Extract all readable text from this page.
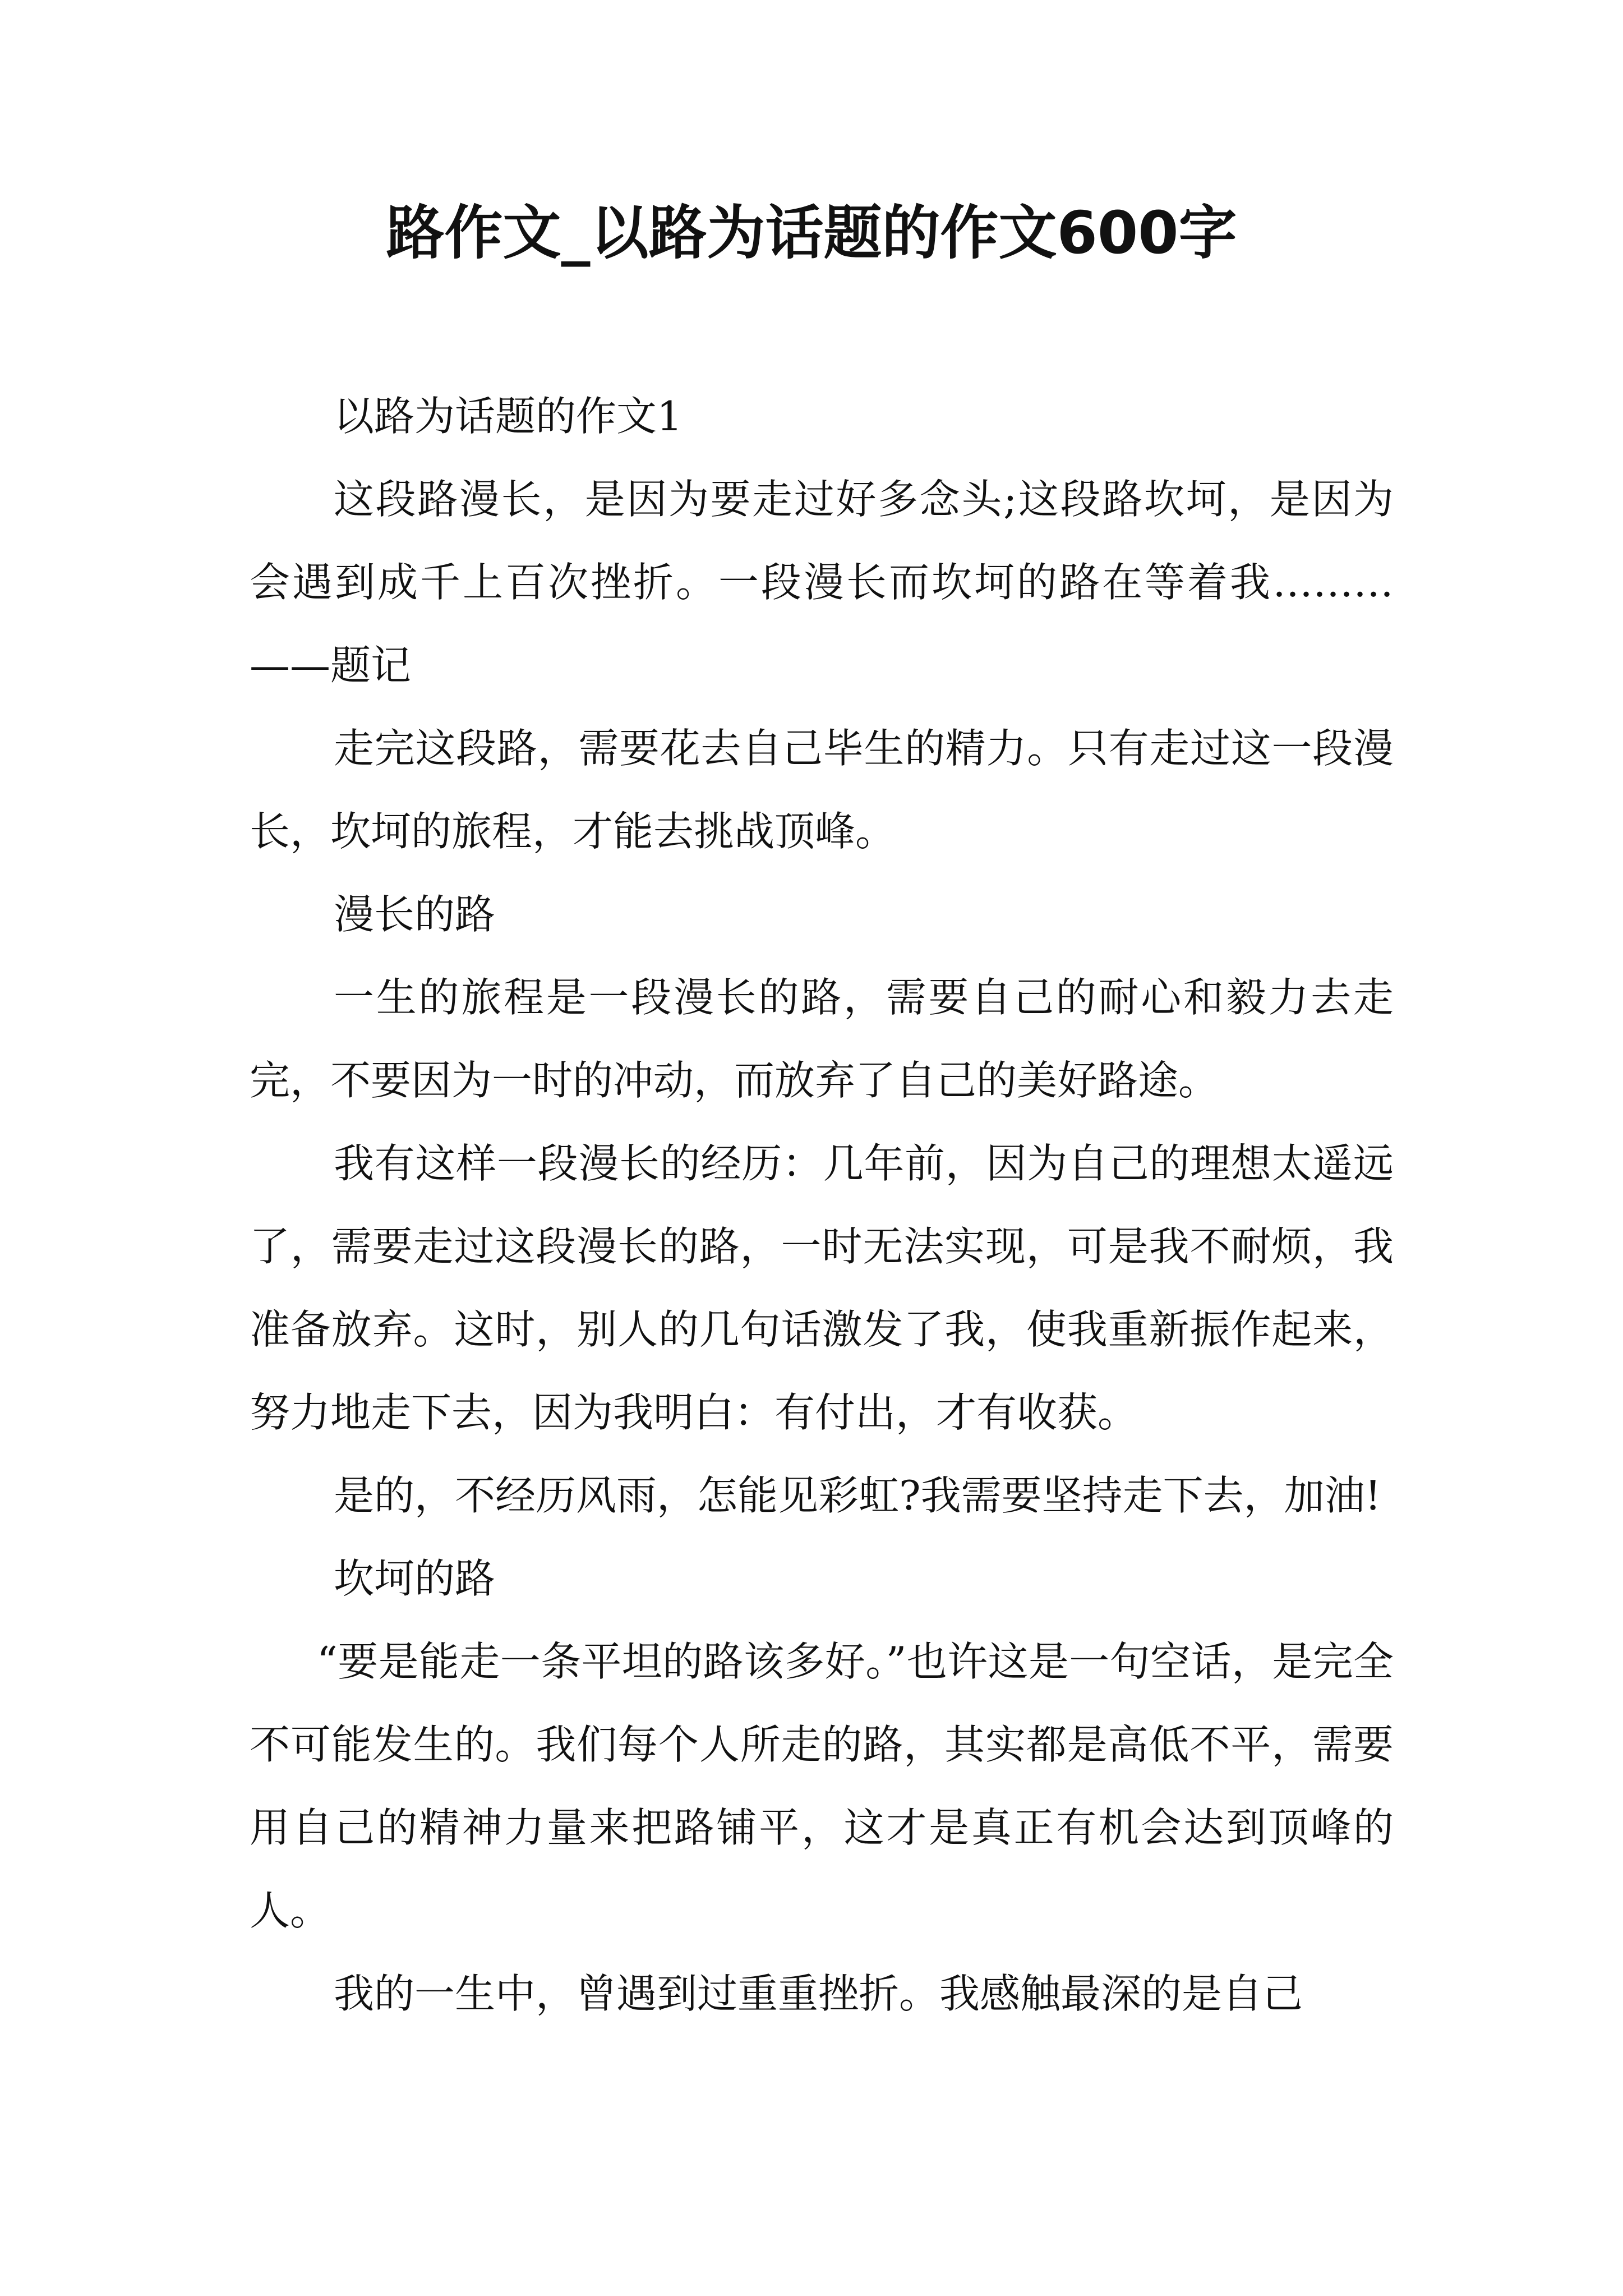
路作文_以路为话题的作文600字

以路为话题的作文1

这段路漫长，是因为要走过好多念头;这段路坎坷，是因为会遇到成千上百次挫折。一段漫长而坎坷的路在等着我………——题记

走完这段路，需要花去自己毕生的精力。只有走过这一段漫长，坎坷的旅程，才能去挑战顶峰。

漫长的路

一生的旅程是一段漫长的路，需要自己的耐心和毅力去走完，不要因为一时的冲动，而放弃了自己的美好路途。

我有这样一段漫长的经历：几年前，因为自己的理想太遥远了，需要走过这段漫长的路，一时无法实现，可是我不耐烦，我准备放弃。这时，别人的几句话激发了我，使我重新振作起来，努力地走下去，因为我明白：有付出，才有收获。

是的，不经历风雨，怎能见彩虹?我需要坚持走下去，加油!

坎坷的路

“要是能走一条平坦的路该多好。”也许这是一句空话，是完全不可能发生的。我们每个人所走的路，其实都是高低不平，需要用自己的精神力量来把路铺平，这才是真正有机会达到顶峰的人。

我的一生中，曾遇到过重重挫折。我感触最深的是自己
